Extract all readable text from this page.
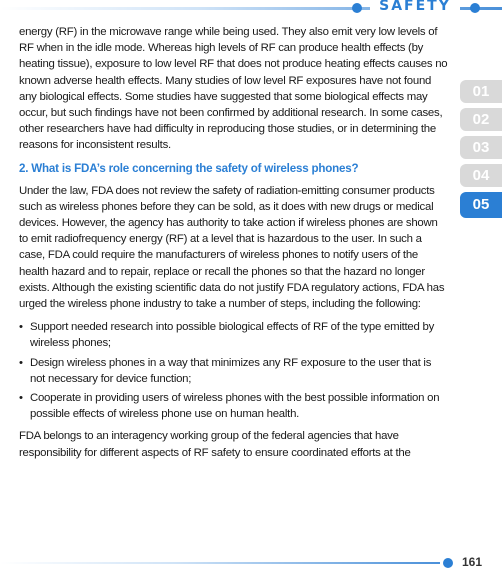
SAFETY
01
02
03
04
05

energy (RF) in the microwave range while being used. They also emit very low levels of RF when in the idle mode. Whereas high levels of RF can produce health effects (by heating tissue), exposure to low level RF that does not produce heating effects causes no known adverse health effects. Many studies of low level RF exposures have not found any biological effects. Some studies have suggested that some biological effects may occur, but such findings have not been confirmed by additional research. In some cases, other researchers have had difficulty in reproducing those studies, or in determining the reasons for inconsistent results.

2. What is FDA’s role concerning the safety of wireless phones?

Under the law, FDA does not review the safety of radiation-emitting consumer products such as wireless phones before they can be sold, as it does with new drugs or medical devices. However, the agency has authority to take action if wireless phones are shown to emit radiofrequency energy (RF) at a level that is hazardous to the user. In such a case, FDA could require the manufacturers of wireless phones to notify users of the health hazard and to repair, replace or recall the phones so that the hazard no longer exists. Although the existing scientific data do not justify FDA regulatory actions, FDA has urged the wireless phone industry to take a number of steps, including the following:

• Support needed research into possible biological effects of RF of the type emitted by wireless phones;
• Design wireless phones in a way that minimizes any RF exposure to the user that is not necessary for device function;
• Cooperate in providing users of wireless phones with the best possible information on possible effects of wireless phone use on human health.

FDA belongs to an interagency working group of the federal agencies that have responsibility for different aspects of RF safety to ensure coordinated efforts at the

161
